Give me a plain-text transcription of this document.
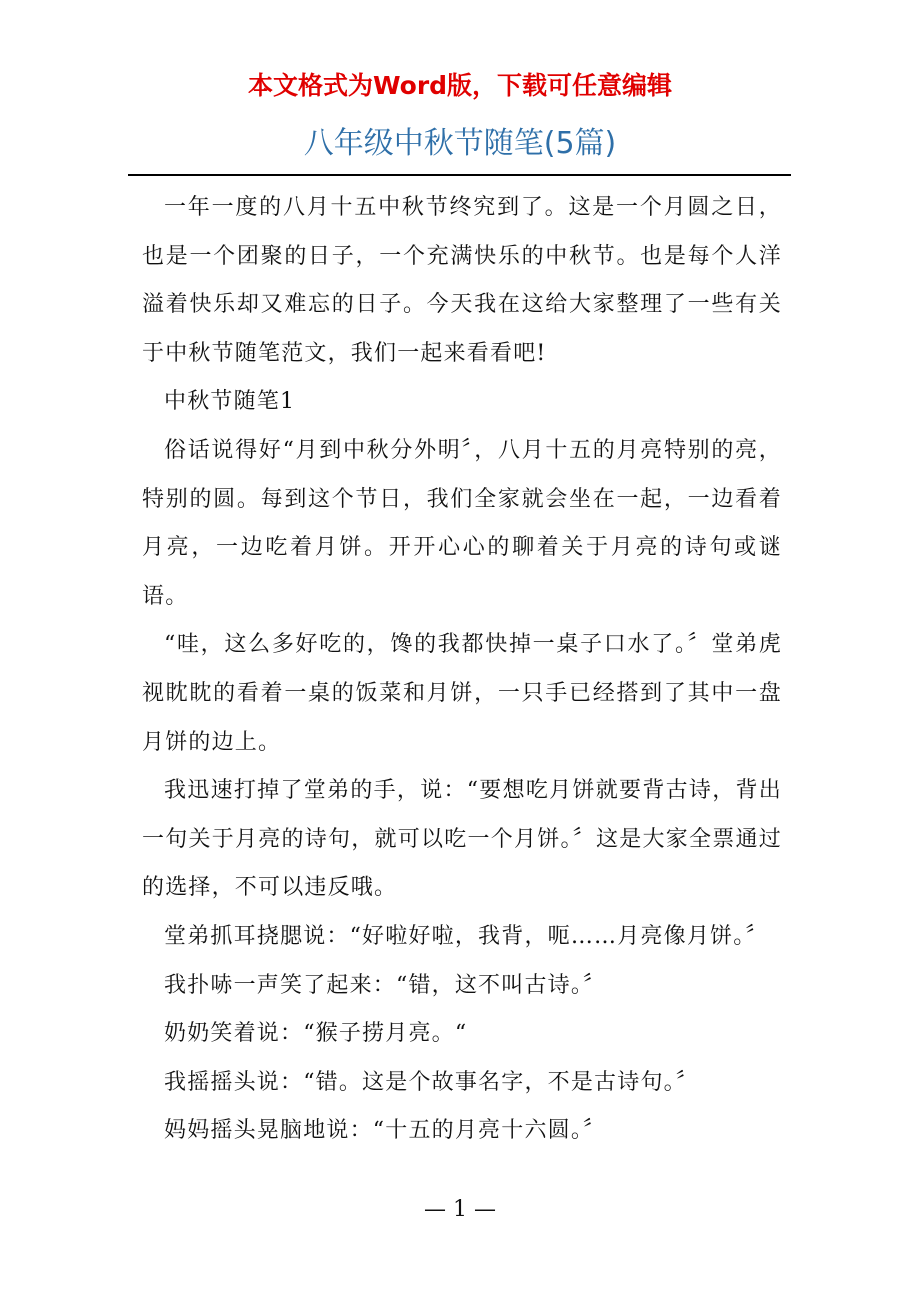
本文格式为Word版，下载可任意编辑
八年级中秋节随笔(5篇)

一年一度的八月十五中秋节终究到了。这是一个月圆之日，也是一个团聚的日子，一个充满快乐的中秋节。也是每个人洋溢着快乐却又难忘的日子。今天我在这给大家整理了一些有关于中秋节随笔范文，我们一起来看看吧!

中秋节随笔1

俗话说得好“月到中秋分外明〞，八月十五的月亮特别的亮，特别的圆。每到这个节日，我们全家就会坐在一起，一边看着月亮，一边吃着月饼。开开心心的聊着关于月亮的诗句或谜语。

“哇，这么多好吃的，馋的我都快掉一桌子口水了。〞堂弟虎视眈眈的看着一桌的饭菜和月饼，一只手已经搭到了其中一盘月饼的边上。

我迅速打掉了堂弟的手，说：“要想吃月饼就要背古诗，背出一句关于月亮的诗句，就可以吃一个月饼。〞这是大家全票通过的选择，不可以违反哦。

堂弟抓耳挠腮说：“好啦好啦，我背，呃……月亮像月饼。〞

我扑哧一声笑了起来：“错，这不叫古诗。〞

奶奶笑着说：“猴子捞月亮。“

我摇摇头说：“错。这是个故事名字，不是古诗句。〞

妈妈摇头晃脑地说：“十五的月亮十六圆。〞

— 1 —
